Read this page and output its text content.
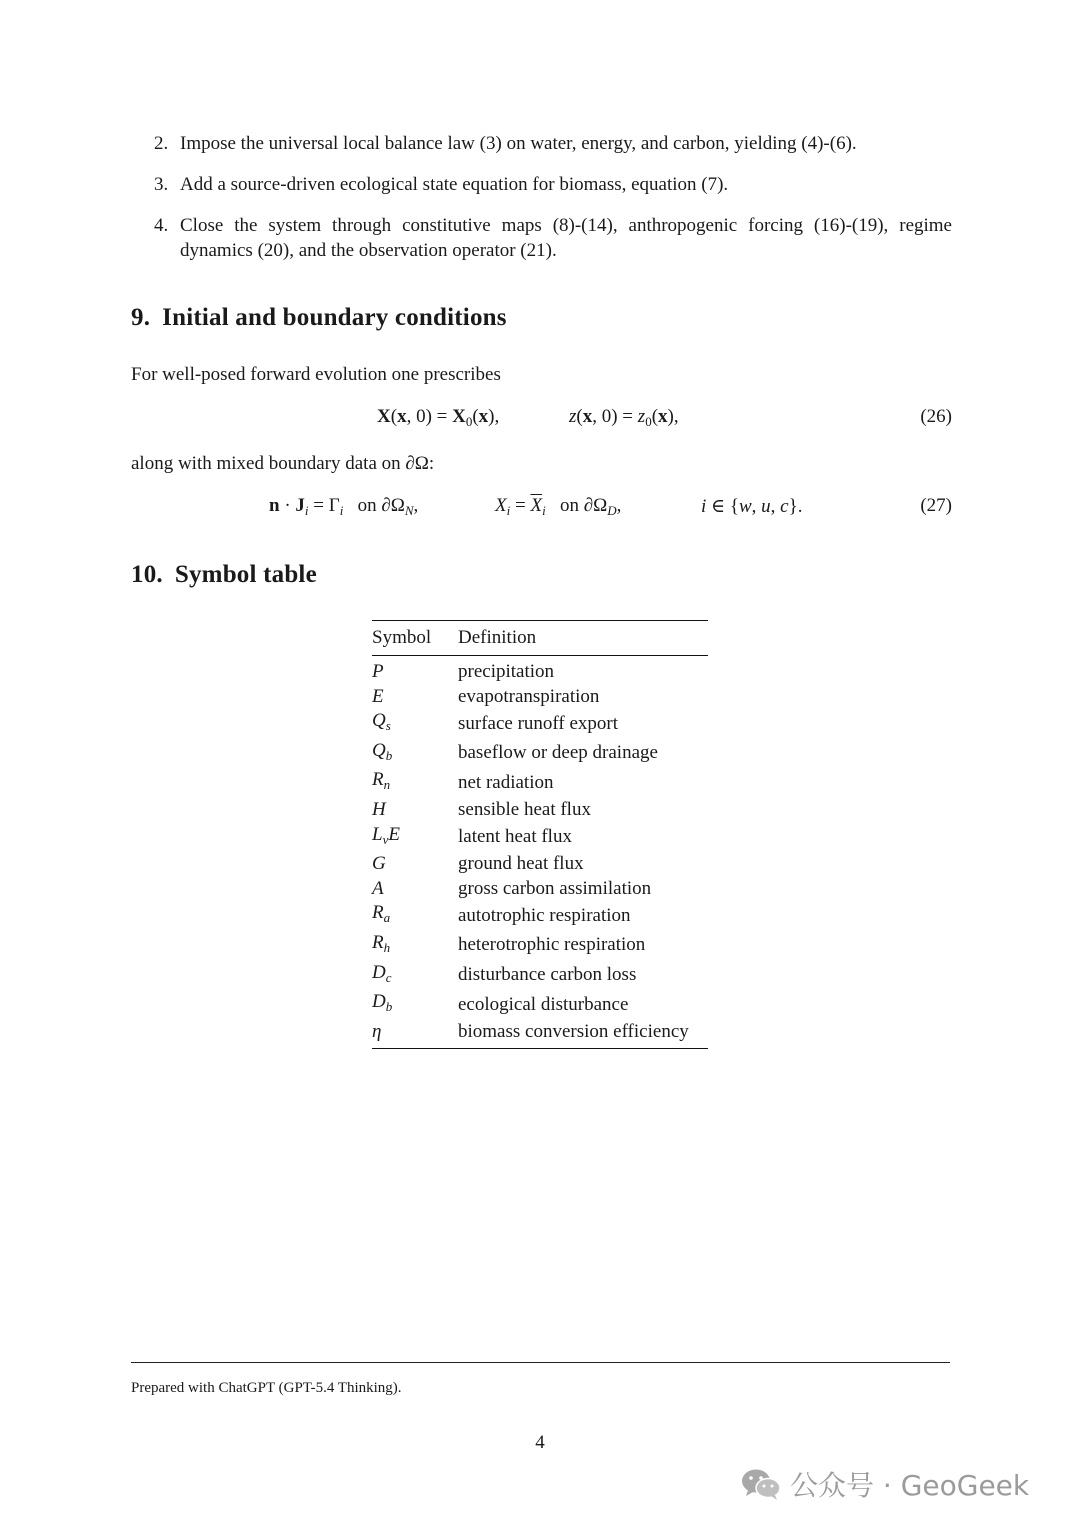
2. Impose the universal local balance law (3) on water, energy, and carbon, yielding (4)-(6).
3. Add a source-driven ecological state equation for biomass, equation (7).
4. Close the system through constitutive maps (8)-(14), anthropogenic forcing (16)-(19), regime dynamics (20), and the observation operator (21).
9. Initial and boundary conditions
For well-posed forward evolution one prescribes
X(x, $0) = X_0(x)$,	z(x, $0) = z_0(x)$,	(26)
along with mixed boundary data on ∂Ω:
$n \cdot J_i = \Gamma_i$   on $\partial\Omega_N$,	$X_i = \overline{X}_i$   on $\partial\Omega_D$,	i ∈ {w, u, c}.	(27)
10. Symbol table
Symbol	Definition
P	precipitation
E	evapotranspiration
$Q_s$	surface runoff export
$Q_b$	baseflow or deep drainage
$R_n$	net radiation
H	sensible heat flux
$L_vE$	latent heat flux
G	ground heat flux
A	gross carbon assimilation
$R_a$	autotrophic respiration
$R_h$	heterotrophic respiration
$D_c$	disturbance carbon loss
$D_b$	ecological disturbance
η	biomass conversion efficiency
Prepared with ChatGPT (GPT-5.4 Thinking).
4
公众号 · GeoGeek
